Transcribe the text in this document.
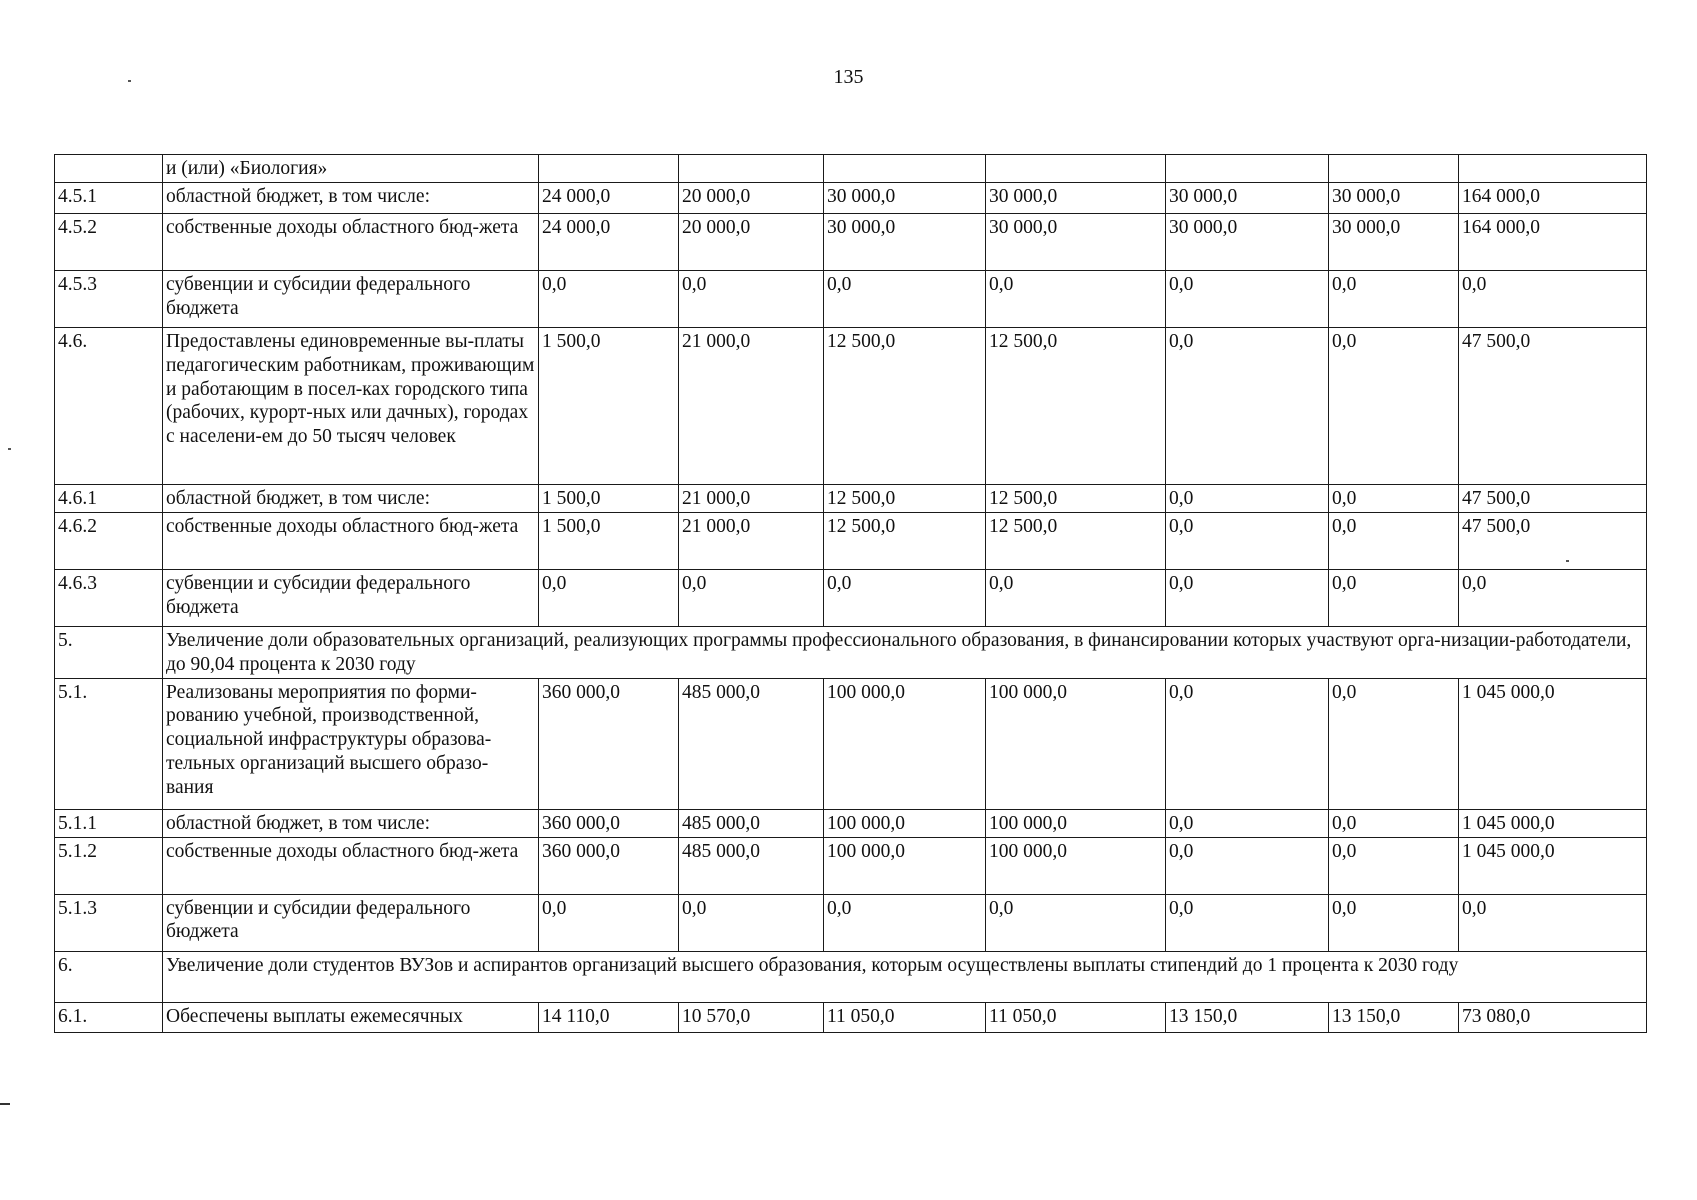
135
	и (или) «Биология»							
4.5.1	областной бюджет, в том числе:	24 000,0	20 000,0	30 000,0	30 000,0	30 000,0	30 000,0	164 000,0
4.5.2	собственные доходы областного бюд-жета	24 000,0	20 000,0	30 000,0	30 000,0	30 000,0	30 000,0	164 000,0
4.5.3	субвенции и субсидии федерального бюджета	0,0	0,0	0,0	0,0	0,0	0,0	0,0
4.6.	Предоставлены единовременные вы-платы педагогическим работникам, проживающим и работающим в посел-ках городского типа (рабочих, курорт-ных или дачных), городах с населени-ем до 50 тысяч человек	1 500,0	21 000,0	12 500,0	12 500,0	0,0	0,0	47 500,0
4.6.1	областной бюджет, в том числе:	1 500,0	21 000,0	12 500,0	12 500,0	0,0	0,0	47 500,0
4.6.2	собственные доходы областного бюд-жета	1 500,0	21 000,0	12 500,0	12 500,0	0,0	0,0	47 500,0
4.6.3	субвенции и субсидии федерального бюджета	0,0	0,0	0,0	0,0	0,0	0,0	0,0
5.	Увеличение доли образовательных организаций, реализующих программы профессионального образования, в финансировании которых участвуют орга-низации-работодатели, до 90,04 процента к 2030 году							
5.1.	Реализованы мероприятия по форми-рованию учебной, производственной, социальной инфраструктуры образова-тельных организаций высшего образо-вания	360 000,0	485 000,0	100 000,0	100 000,0	0,0	0,0	1 045 000,0
5.1.1	областной бюджет, в том числе:	360 000,0	485 000,0	100 000,0	100 000,0	0,0	0,0	1 045 000,0
5.1.2	собственные доходы областного бюд-жета	360 000,0	485 000,0	100 000,0	100 000,0	0,0	0,0	1 045 000,0
5.1.3	субвенции и субсидии федерального бюджета	0,0	0,0	0,0	0,0	0,0	0,0	0,0
6.	Увеличение доли студентов ВУЗов и аспирантов организаций высшего образования, которым осуществлены выплаты стипендий до 1 процента к 2030 году							
6.1.	Обеспечены выплаты ежемесячных	14 110,0	10 570,0	11 050,0	11 050,0	13 150,0	13 150,0	73 080,0
